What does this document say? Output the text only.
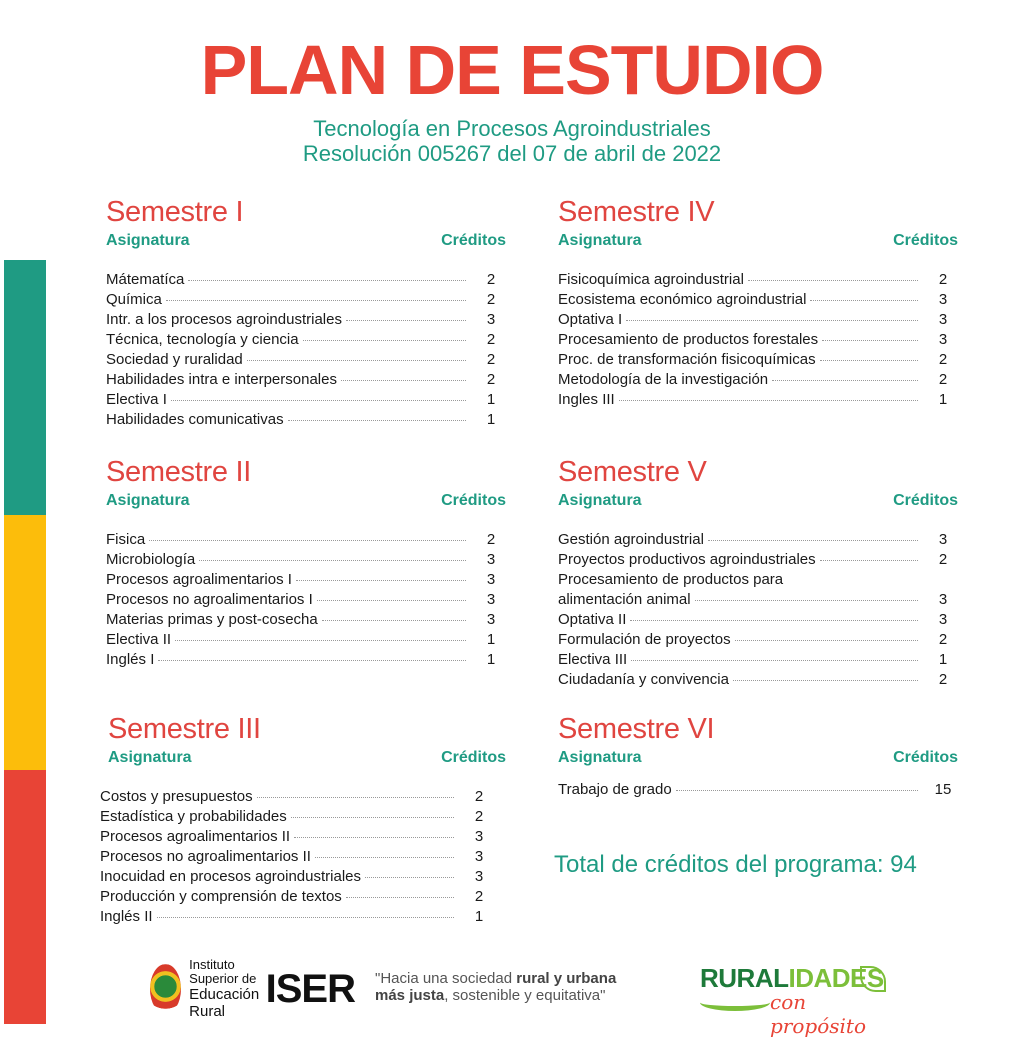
PLAN DE ESTUDIO
Tecnología en Procesos Agroindustriales
Resolución 005267 del 07 de abril de 2022
Semestre I
Asignatura	Créditos
Mátematíca	2
Química	2
Intr. a los procesos agroindustriales	3
Técnica, tecnología y ciencia	2
Sociedad y ruralidad	2
Habilidades intra e interpersonales	2
Electiva I	1
Habilidades comunicativas	1
Semestre II
Asignatura	Créditos
Fisica	2
Microbiología	3
Procesos agroalimentarios I	3
Procesos no agroalimentarios I	3
Materias primas y post-cosecha	3
Electiva II	1
Inglés I	1
Semestre III
Asignatura	Créditos
Costos y presupuestos	2
Estadística y probabilidades	2
Procesos agroalimentarios II	3
Procesos no agroalimentarios II	3
Inocuidad en procesos agroindustriales	3
Producción y comprensión de textos	2
Inglés II	1
Semestre IV
Asignatura	Créditos
Fisicoquímica agroindustrial	2
Ecosistema económico agroindustrial	3
Optativa I	3
Procesamiento de productos forestales	3
Proc. de transformación fisicoquímicas	2
Metodología de la investigación	2
Ingles III	1
Semestre V
Asignatura	Créditos
Gestión agroindustrial	3
Proyectos productivos agroindustriales	2
Procesamiento de productos para
alimentación animal	3
Optativa II	3
Formulación de proyectos	2
Electiva III	1
Ciudadanía y convivencia	2
Semestre VI
Asignatura	Créditos
Trabajo de grado	15
Total de créditos del programa: 94
Instituto Superior de
Educación Rural
ISER "Hacia una sociedad rural y urbana
más justa, sostenible y equitativa"
RURALIDADES
con propósito
